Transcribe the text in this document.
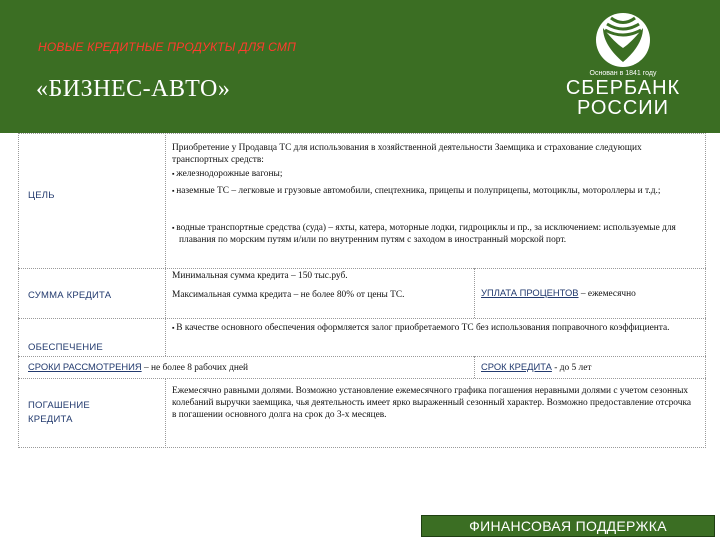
НОВЫЕ КРЕДИТНЫЕ ПРОДУКТЫ ДЛЯ СМП
«БИЗНЕС-АВТО»
Основан в 1841 году
СБЕРБАНК
РОССИИ
ЦЕЛЬ
Приобретение у Продавца ТС для использования в хозяйственной деятельности Заемщика и страхование следующих транспортных средств:
▪ железнодорожные вагоны;
▪ наземные ТС – легковые и грузовые автомобили, спецтехника, прицепы и полуприцепы, мотоциклы, мотороллеры и т.д.;
▪ водные транспортные средства (суда) – яхты, катера, моторные лодки, гидроциклы и пр., за исключением: используемые для плавания по морским путям и/или по внутренним путям с заходом в иностранный морской порт.
СУММА КРЕДИТА
Минимальная сумма кредита – 150 тыс.руб.
Максимальная сумма кредита – не более 80% от цены ТС.	УПЛАТА ПРОЦЕНТОВ – ежемесячно
ОБЕСПЕЧЕНИЕ
▪ В качестве основного обеспечения оформляется залог приобретаемого ТС без использования поправочного коэффициента.
СРОКИ РАССМОТРЕНИЯ – не более 8 рабочих дней	СРОК КРЕДИТА - до 5 лет
ПОГАШЕНИЕ
КРЕДИТА
Ежемесячно равными долями. Возможно установление ежемесячного графика погашения неравными долями с учетом сезонных колебаний выручки заемщика, чья деятельность имеет ярко выраженный сезонный характер. Возможно предоставление отсрочка в погашении основного долга на срок до 3-х месяцев.
ФИНАНСОВАЯ ПОДДЕРЖКА
